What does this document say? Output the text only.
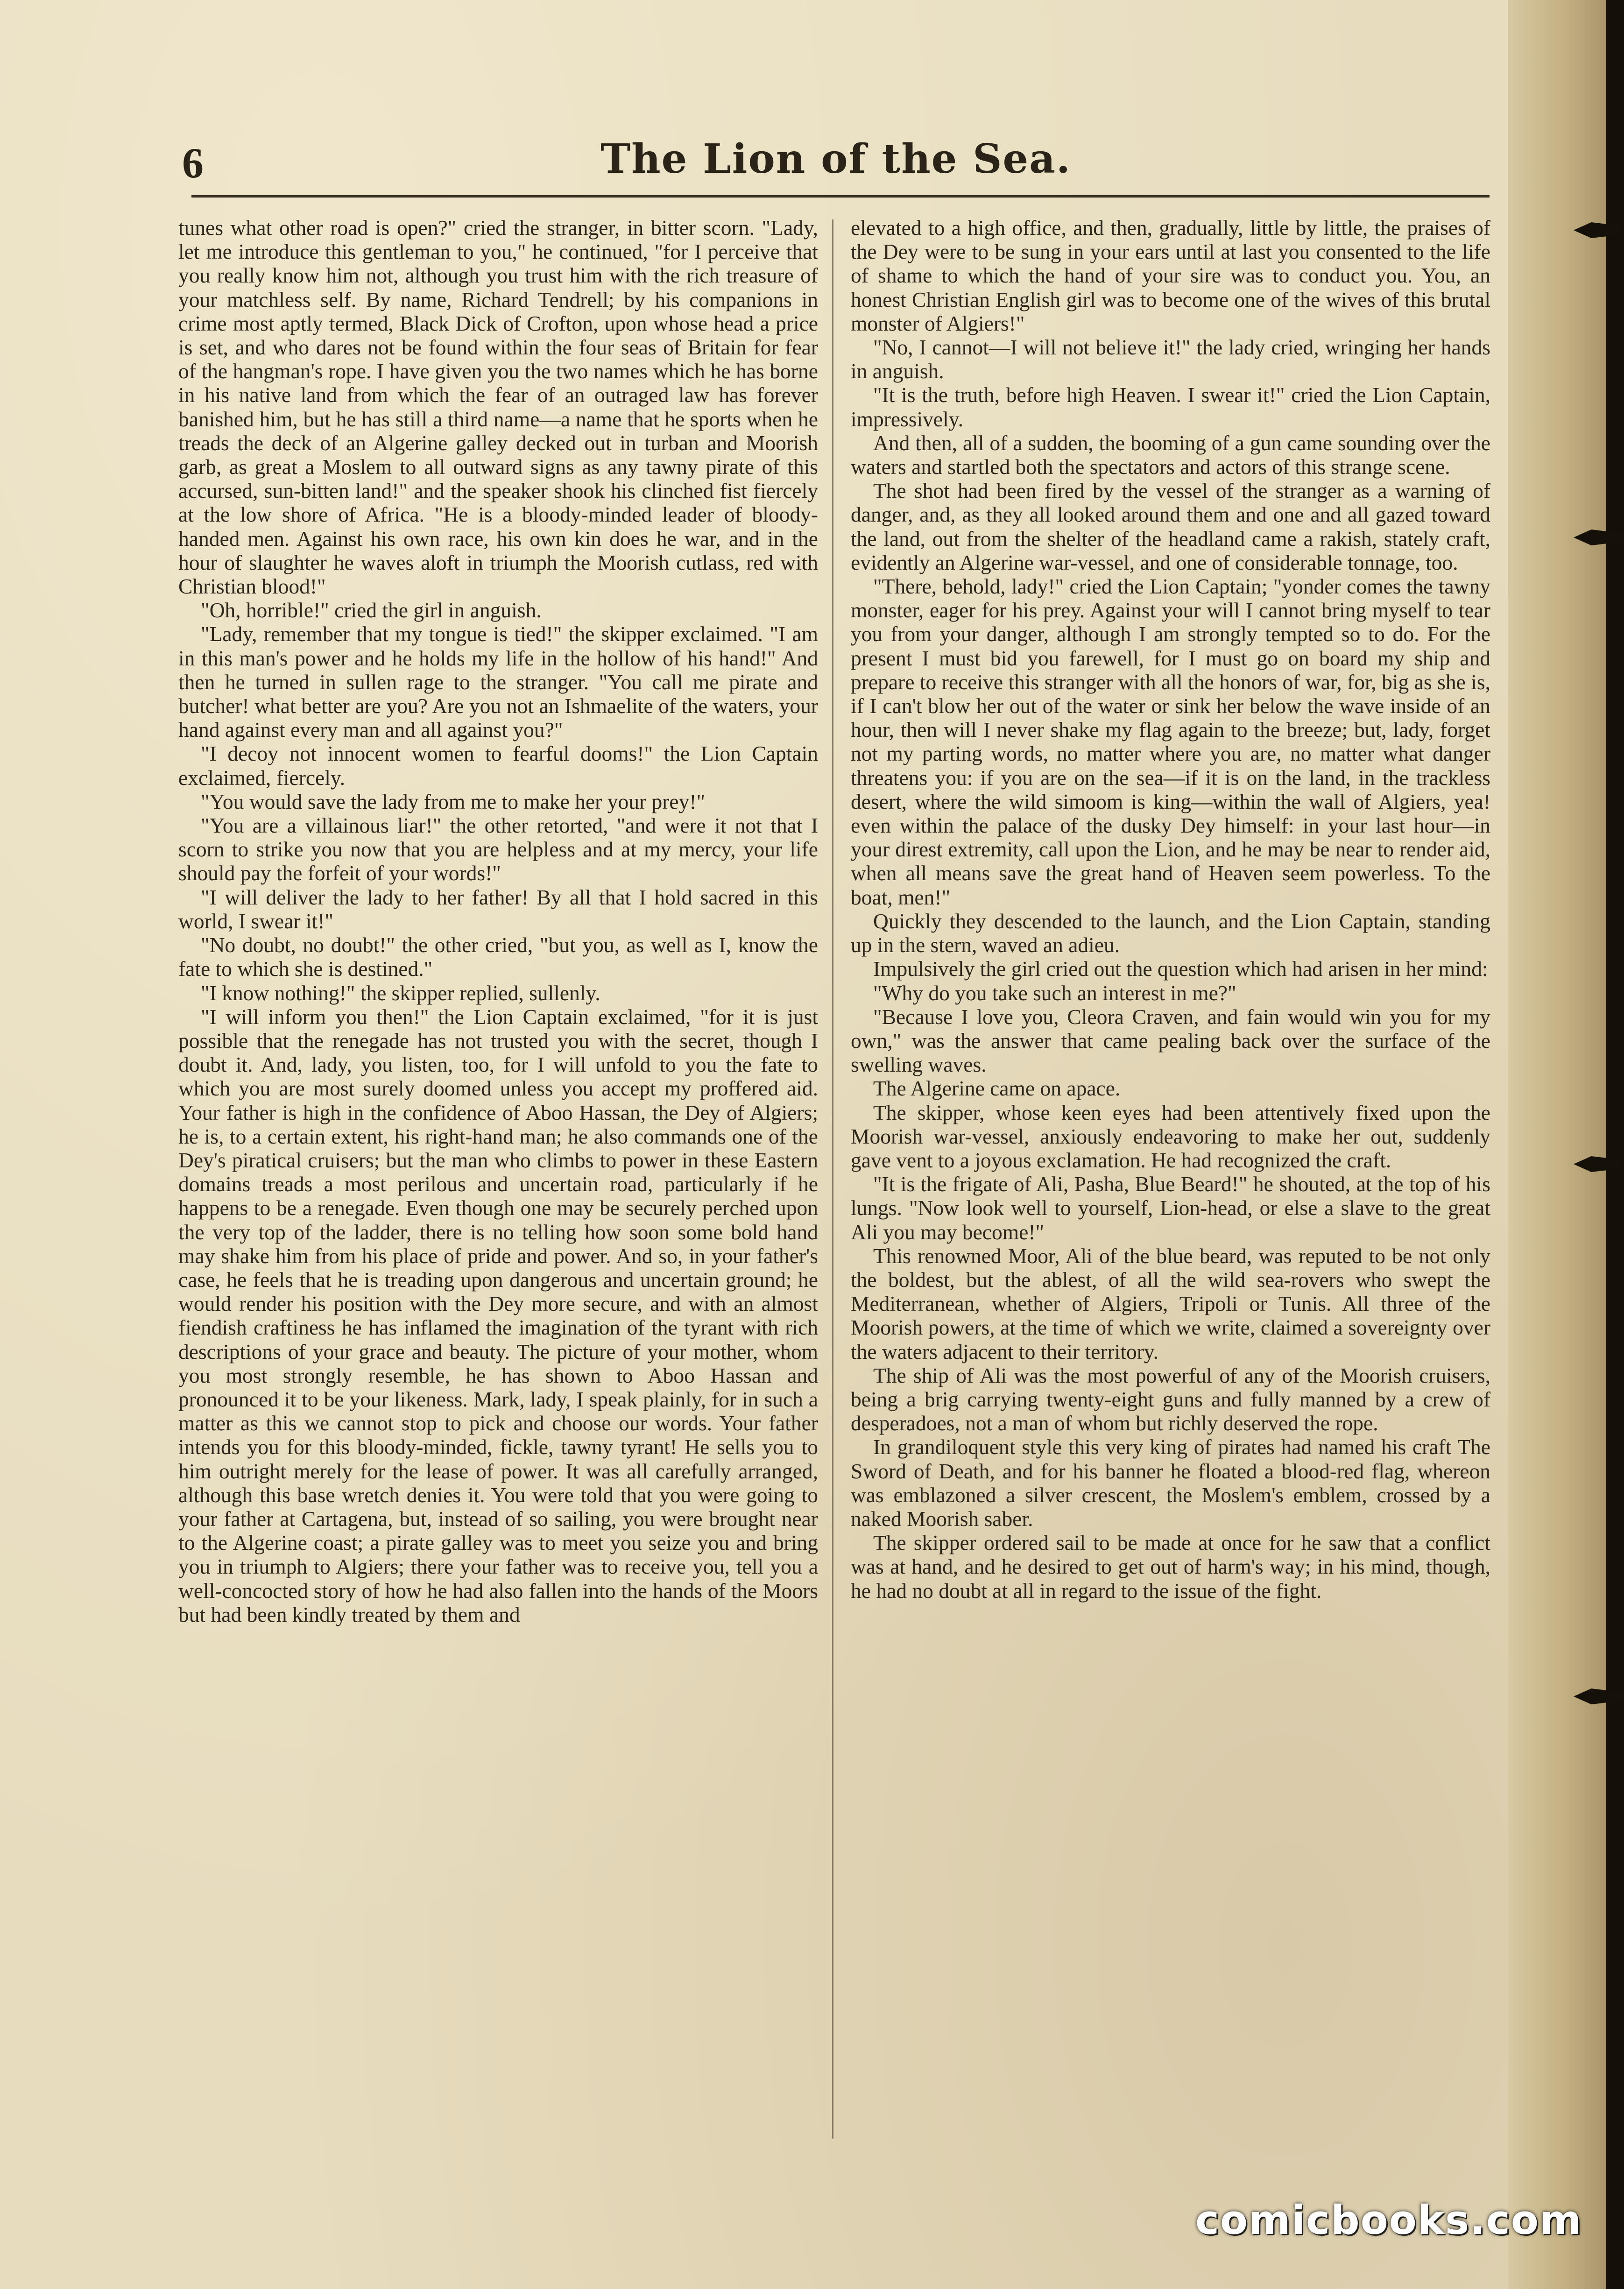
6	The Lion of the Sea.

tunes what other road is open?" cried the stranger, in bitter scorn. "Lady, let me introduce this gentleman to you," he continued, "for I perceive that you really know him not, although you trust him with the rich treasure of your matchless self. By name, Richard Tendrell; by his companions in crime most aptly termed, Black Dick of Crofton, upon whose head a price is set, and who dares not be found within the four seas of Britain for fear of the hangman's rope. I have given you the two names which he has borne in his native land from which the fear of an outraged law has forever banished him, but he has still a third name—a name that he sports when he treads the deck of an Algerine galley decked out in turban and Moorish garb, as great a Moslem to all outward signs as any tawny pirate of this accursed, sun-bitten land!" and the speaker shook his clinched fist fiercely at the low shore of Africa. "He is a bloody-minded leader of bloody-handed men. Against his own race, his own kin does he war, and in the hour of slaughter he waves aloft in triumph the Moorish cutlass, red with Christian blood!"

"Oh, horrible!" cried the girl in anguish.

"Lady, remember that my tongue is tied!" the skipper exclaimed. "I am in this man's power and he holds my life in the hollow of his hand!" And then he turned in sullen rage to the stranger. "You call me pirate and butcher! what better are you? Are you not an Ishmaelite of the waters, your hand against every man and all against you?"

"I decoy not innocent women to fearful dooms!" the Lion Captain exclaimed, fiercely.

"You would save the lady from me to make her your prey!"

"You are a villainous liar!" the other retorted, "and were it not that I scorn to strike you now that you are helpless and at my mercy, your life should pay the forfeit of your words!"

"I will deliver the lady to her father! By all that I hold sacred in this world, I swear it!"

"No doubt, no doubt!" the other cried, "but you, as well as I, know the fate to which she is destined."

"I know nothing!" the skipper replied, sullenly.

"I will inform you then!" the Lion Captain exclaimed, "for it is just possible that the renegade has not trusted you with the secret, though I doubt it. And, lady, you listen, too, for I will unfold to you the fate to which you are most surely doomed unless you accept my proffered aid. Your father is high in the confidence of Aboo Hassan, the Dey of Algiers; he is, to a certain extent, his right-hand man; he also commands one of the Dey's piratical cruisers; but the man who climbs to power in these Eastern domains treads a most perilous and uncertain road, particularly if he happens to be a renegade. Even though one may be securely perched upon the very top of the ladder, there is no telling how soon some bold hand may shake him from his place of pride and power. And so, in your father's case, he feels that he is treading upon dangerous and uncertain ground; he would render his position with the Dey more secure, and with an almost fiendish craftiness he has inflamed the imagination of the tyrant with rich descriptions of your grace and beauty. The picture of your mother, whom you most strongly resemble, he has shown to Aboo Hassan and pronounced it to be your likeness. Mark, lady, I speak plainly, for in such a matter as this we cannot stop to pick and choose our words. Your father intends you for this bloody-minded, fickle, tawny tyrant! He sells you to him outright merely for the lease of power. It was all carefully arranged, although this base wretch denies it. You were told that you were going to your father at Cartagena, but, instead of so sailing, you were brought near to the Algerine coast; a pirate galley was to meet you seize you and bring you in triumph to Algiers; there your father was to receive you, tell you a well-concocted story of how he had also fallen into the hands of the Moors but had been kindly treated by them and

elevated to a high office, and then, gradually, little by little, the praises of the Dey were to be sung in your ears until at last you consented to the life of shame to which the hand of your sire was to conduct you. You, an honest Christian English girl was to become one of the wives of this brutal monster of Algiers!"

"No, I cannot—I will not believe it!" the lady cried, wringing her hands in anguish.

"It is the truth, before high Heaven. I swear it!" cried the Lion Captain, impressively.

And then, all of a sudden, the booming of a gun came sounding over the waters and startled both the spectators and actors of this strange scene.

The shot had been fired by the vessel of the stranger as a warning of danger, and, as they all looked around them and one and all gazed toward the land, out from the shelter of the headland came a rakish, stately craft, evidently an Algerine war-vessel, and one of considerable tonnage, too.

"There, behold, lady!" cried the Lion Captain; "yonder comes the tawny monster, eager for his prey. Against your will I cannot bring myself to tear you from your danger, although I am strongly tempted so to do. For the present I must bid you farewell, for I must go on board my ship and prepare to receive this stranger with all the honors of war, for, big as she is, if I can't blow her out of the water or sink her below the wave inside of an hour, then will I never shake my flag again to the breeze; but, lady, forget not my parting words, no matter where you are, no matter what danger threatens you: if you are on the sea—if it is on the land, in the trackless desert, where the wild simoom is king—within the wall of Algiers, yea! even within the palace of the dusky Dey himself: in your last hour—in your direst extremity, call upon the Lion, and he may be near to render aid, when all means save the great hand of Heaven seem powerless. To the boat, men!"

Quickly they descended to the launch, and the Lion Captain, standing up in the stern, waved an adieu.

Impulsively the girl cried out the question which had arisen in her mind:

"Why do you take such an interest in me?"

"Because I love you, Cleora Craven, and fain would win you for my own," was the answer that came pealing back over the surface of the swelling waves.

The Algerine came on apace.

The skipper, whose keen eyes had been attentively fixed upon the Moorish war-vessel, anxiously endeavoring to make her out, suddenly gave vent to a joyous exclamation. He had recognized the craft.

"It is the frigate of Ali, Pasha, Blue Beard!" he shouted, at the top of his lungs. "Now look well to yourself, Lion-head, or else a slave to the great Ali you may become!"

This renowned Moor, Ali of the blue beard, was reputed to be not only the boldest, but the ablest, of all the wild sea-rovers who swept the Mediterranean, whether of Algiers, Tripoli or Tunis. All three of the Moorish powers, at the time of which we write, claimed a sovereignty over the waters adjacent to their territory.

The ship of Ali was the most powerful of any of the Moorish cruisers, being a brig carrying twenty-eight guns and fully manned by a crew of desperadoes, not a man of whom but richly deserved the rope.

In grandiloquent style this very king of pirates had named his craft The Sword of Death, and for his banner he floated a blood-red flag, whereon was emblazoned a silver crescent, the Moslem's emblem, crossed by a naked Moorish saber.

The skipper ordered sail to be made at once for he saw that a conflict was at hand, and he desired to get out of harm's way; in his mind, though, he had no doubt at all in regard to the issue of the fight.

comicbooks.com
